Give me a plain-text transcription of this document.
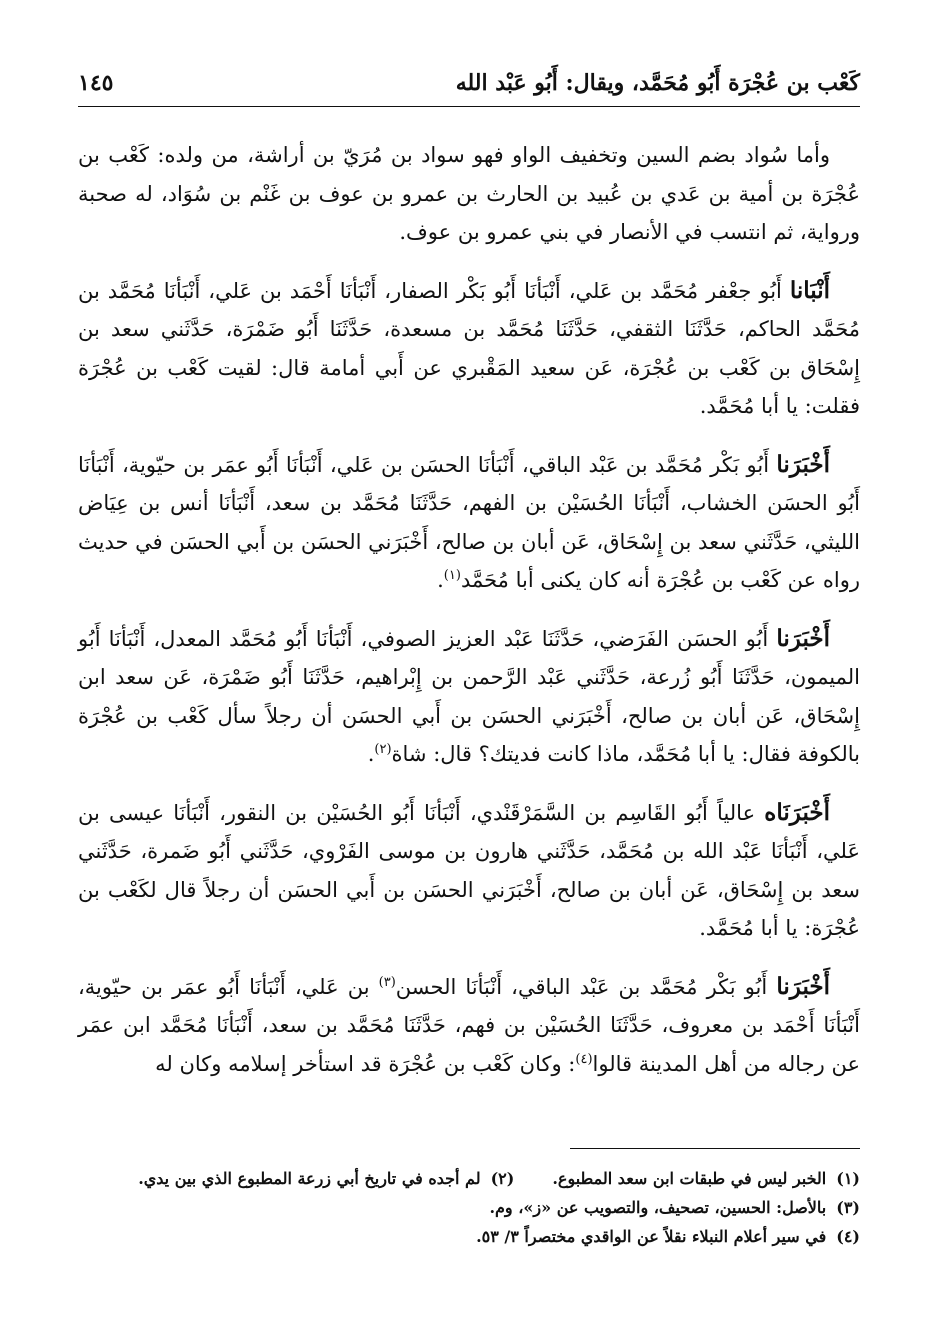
كَعْب بن عُجْرَة أَبُو مُحَمَّد، ويقال: أَبُو عَبْد الله
١٤٥

وأما سُواد بضم السين وتخفيف الواو فهو سواد بن مُرَيّ بن أراشة، من ولده: كَعْب بن عُجْرَة بن أمية بن عَدي بن عُبيد بن الحارث بن عمرو بن عوف بن غَنْم بن سُوَاد، له صحبة ورواية، ثم انتسب في الأنصار في بني عمرو بن عوف.

أَنْبَانا أَبُو جعْفر مُحَمَّد بن عَلي، أَنْبَأنَا أَبُو بَكْر الصفار، أَنْبَأنَا أَحْمَد بن عَلي، أَنْبَأنَا مُحَمَّد بن مُحَمَّد الحاكم، حَدَّثَنَا الثقفي، حَدَّثَنَا مُحَمَّد بن مسعدة، حَدَّثَنَا أَبُو ضَمْرَة، حَدَّثَني سعد بن إِسْحَاق بن كَعْب بن عُجْرَة، عَن سعيد المَقْبري عن أَبي أمامة قال: لقيت كَعْب بن عُجْرَة فقلت: يا أبا مُحَمَّد.

أَخْبَرَنا أَبُو بَكْر مُحَمَّد بن عَبْد الباقي، أَنْبَأنَا الحسَن بن عَلي، أَنْبَأنَا أَبُو عمَر بن حيّوية، أَنْبَأنَا أَبُو الحسَن الخشاب، أَنْبَأنَا الحُسَيْن بن الفهم، حَدَّثَنَا مُحَمَّد بن سعد، أَنْبَأنَا أنس بن عِيَاض الليثي، حَدَّثَني سعد بن إِسْحَاق، عَن أبان بن صالح، أَخْبَرَني الحسَن بن أَبي الحسَن في حديث رواه عن كَعْب بن عُجْرَة أنه كان يكنى أبا مُحَمَّد$^{(١)}$.

أَخْبَرَنا أَبُو الحسَن الفَرَضي، حَدَّثَنَا عَبْد العزيز الصوفي، أَنْبَأنَا أَبُو مُحَمَّد المعدل، أَنْبَأنَا أَبُو الميمون، حَدَّثَنَا أَبُو زُرعة، حَدَّثَني عَبْد الرَّحمن بن إِبْراهيم، حَدَّثَنَا أَبُو ضَمْرَة، عَن سعد ابن إِسْحَاق، عَن أبان بن صالح، أَخْبَرَني الحسَن بن أَبي الحسَن أن رجلاً سأل كَعْب بن عُجْرَة بالكوفة فقال: يا أبا مُحَمَّد، ماذا كانت فديتك؟ قال: شاة$^{(٢)}$.

أَخْبَرَنَاه عالياً أَبُو القَاسِم بن السَّمَرْقَنْدي، أَنْبَأنَا أَبُو الحُسَيْن بن النقور، أَنْبَأنَا عيسى بن عَلي، أَنْبَأنَا عَبْد الله بن مُحَمَّد، حَدَّثَني هارون بن موسى الفَرْوي، حَدَّثَني أَبُو ضَمرة، حَدَّثَني سعد بن إِسْحَاق، عَن أبان بن صالح، أَخْبَرَني الحسَن بن أَبي الحسَن أن رجلاً قال لكَعْب بن عُجْرَة: يا أبا مُحَمَّد.

أَخْبَرَنا أَبُو بَكْر مُحَمَّد بن عَبْد الباقي، أَنْبَأنَا الحسن$^{(٣)}$ بن عَلي، أَنْبَأنَا أَبُو عمَر بن حيّوية، أَنْبَأنَا أَحْمَد بن معروف، حَدَّثَنَا الحُسَيْن بن فهم، حَدَّثَنَا مُحَمَّد بن سعد، أَنْبَأنَا مُحَمَّد ابن عمَر عن رجاله من أهل المدينة قالوا$^{(٤)}$: وكان كَعْب بن عُجْرَة قد استأخر إسلامه وكان له

(١)الخبر ليس في طبقات ابن سعد المطبوع.
(٢)لم أجده في تاريخ أبي زرعة المطبوع الذي بين يدي.
(٣)بالأصل: الحسين، تصحيف، والتصويب عن «ز»، وم.
(٤)في سير أعلام النبلاء نقلاً عن الواقدي مختصراً ٣/ ٥٣.
